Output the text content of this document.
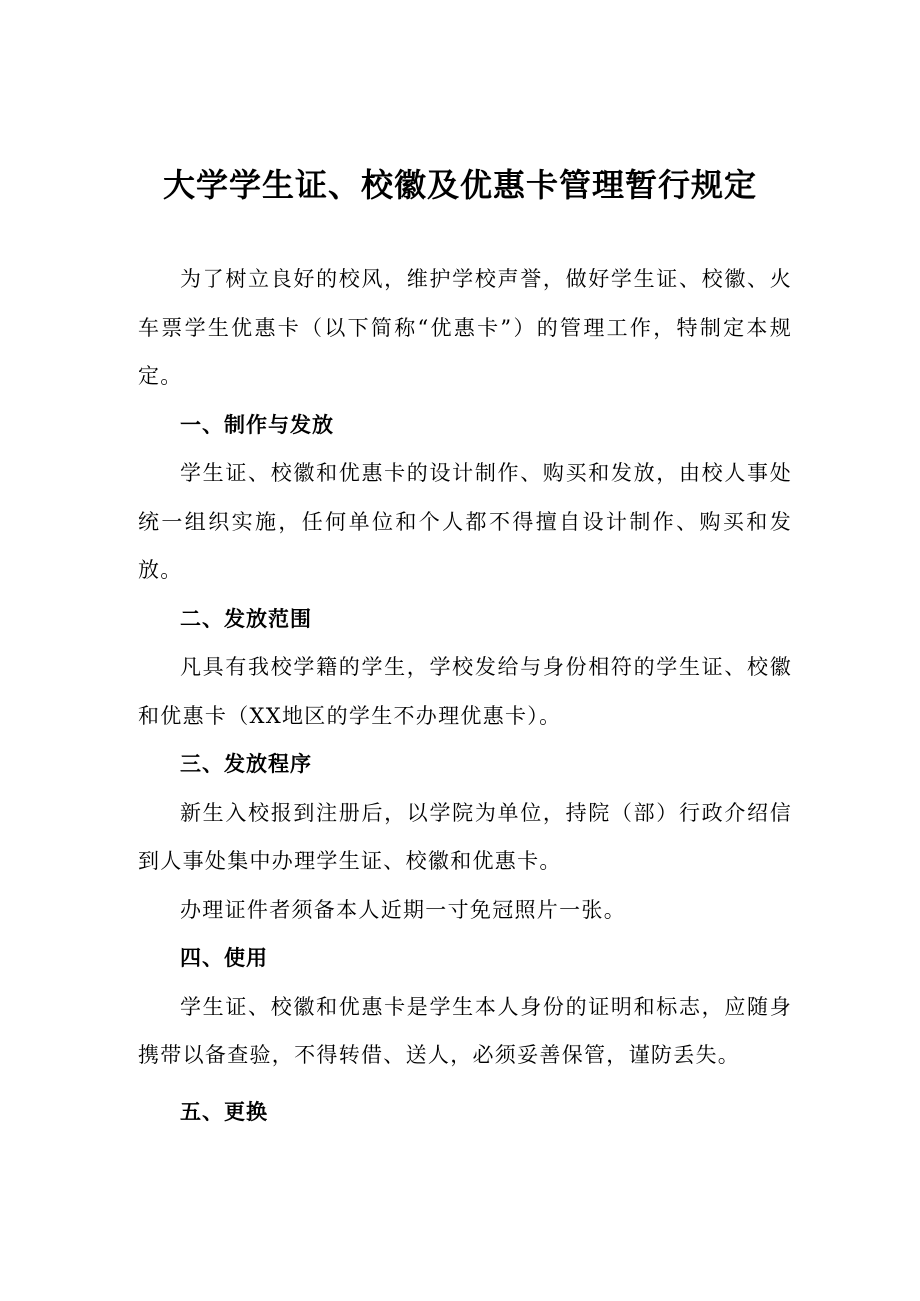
大学学生证、校徽及优惠卡管理暂行规定

为了树立良好的校风，维护学校声誉，做好学生证、校徽、火车票学生优惠卡（以下简称“优惠卡”）的管理工作，特制定本规定。

一、制作与发放

学生证、校徽和优惠卡的设计制作、购买和发放，由校人事处统一组织实施，任何单位和个人都不得擅自设计制作、购买和发放。

二、发放范围

凡具有我校学籍的学生，学校发给与身份相符的学生证、校徽和优惠卡（XX地区的学生不办理优惠卡）。

三、发放程序

新生入校报到注册后，以学院为单位，持院（部）行政介绍信到人事处集中办理学生证、校徽和优惠卡。

办理证件者须备本人近期一寸免冠照片一张。

四、使用

学生证、校徽和优惠卡是学生本人身份的证明和标志，应随身携带以备查验，不得转借、送人，必须妥善保管，谨防丢失。

五、更换
